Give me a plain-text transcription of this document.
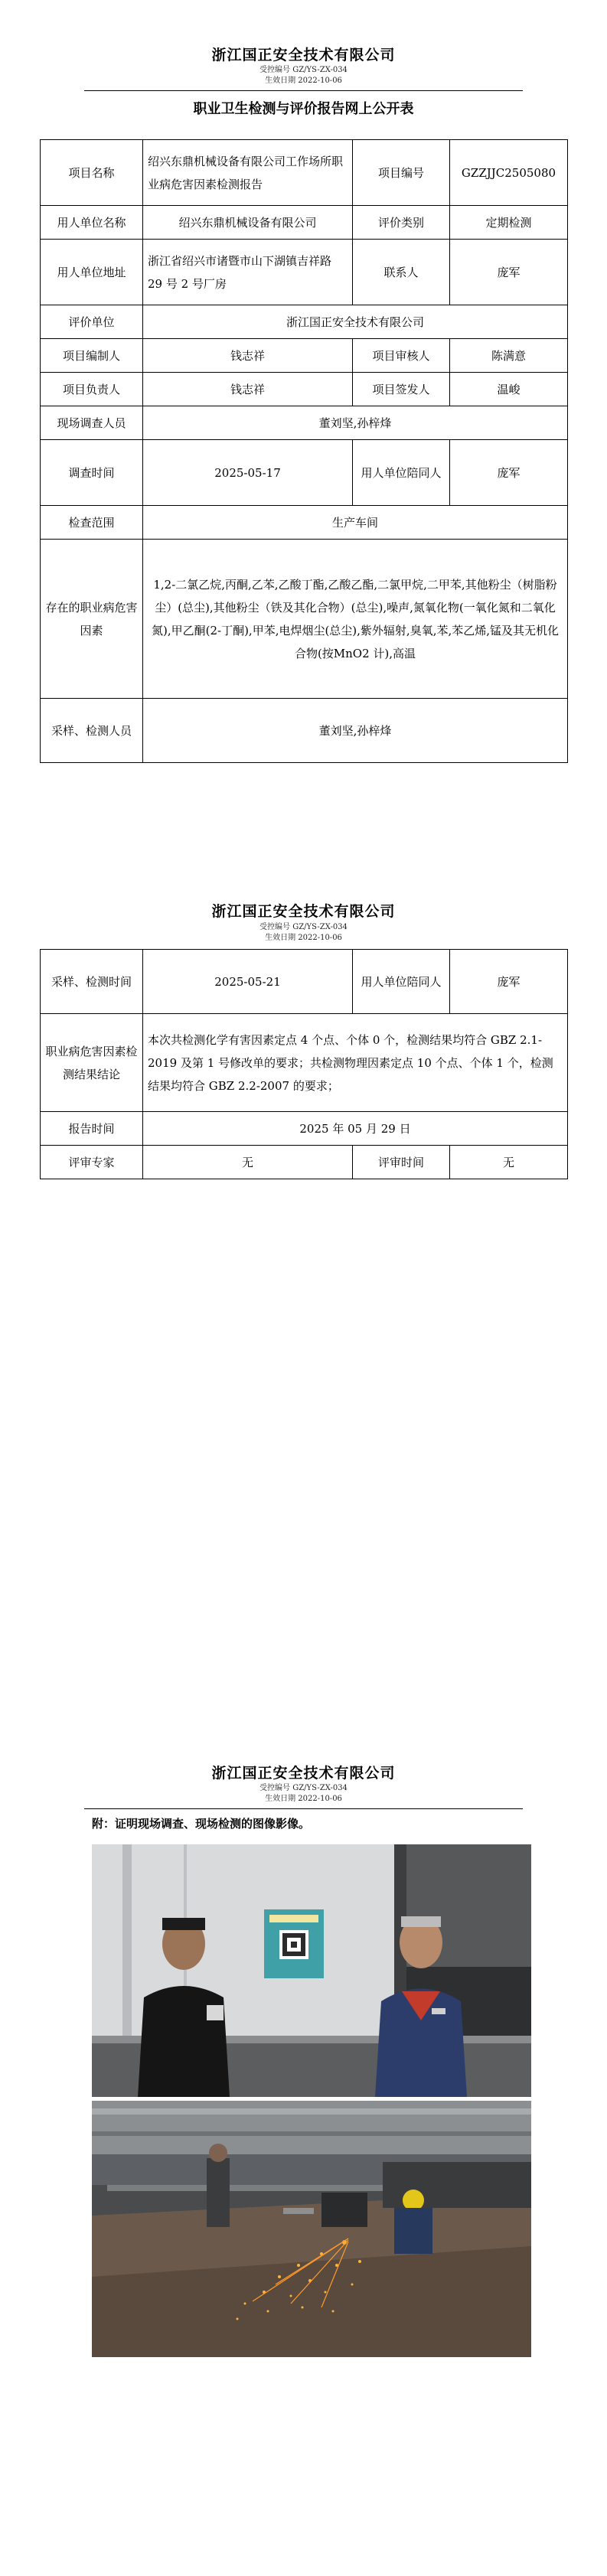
浙江国正安全技术有限公司
受控编号 GZ/YS-ZX-034
生效日期 2022-10-06
职业卫生检测与评价报告网上公开表
项目名称	绍兴东鼎机械设备有限公司工作场所职业病危害因素检测报告	项目编号	GZZJJC2505080
用人单位名称	绍兴东鼎机械设备有限公司	评价类别	定期检测
用人单位地址	浙江省绍兴市诸暨市山下湖镇吉祥路 29 号 2 号厂房	联系人	庞军
评价单位	浙江国正安全技术有限公司		
项目编制人	钱志祥	项目审核人	陈满意
项目负责人	钱志祥	项目签发人	温峻
现场调查人员	董刘坚,孙梓烽		
调查时间	2025-05-17	用人单位陪同人	庞军
检查范围	生产车间		
存在的职业病危害因素	1,2-二氯乙烷,丙酮,乙苯,乙酸丁酯,乙酸乙酯,二氯甲烷,二甲苯,其他粉尘（树脂粉尘）(总尘),其他粉尘（铁及其化合物）(总尘),噪声,氮氧化物(一氧化氮和二氧化氮),甲乙酮(2-丁酮),甲苯,电焊烟尘(总尘),紫外辐射,臭氧,苯,苯乙烯,锰及其无机化合物(按MnO2 计),高温		
采样、检测人员	董刘坚,孙梓烽		
浙江国正安全技术有限公司
受控编号 GZ/YS-ZX-034
生效日期 2022-10-06
采样、检测时间	2025-05-21	用人单位陪同人	庞军
职业病危害因素检测结果结论	本次共检测化学有害因素定点 4 个点、个体 0 个，检测结果均符合 GBZ 2.1-2019 及第 1 号修改单的要求；共检测物理因素定点 10 个点、个体 1 个，检测结果均符合 GBZ 2.2-2007 的要求；		
报告时间	2025 年 05 月 29 日		
评审专家	无	评审时间	无
浙江国正安全技术有限公司
受控编号 GZ/YS-ZX-034
生效日期 2022-10-06
附：证明现场调查、现场检测的图像影像。
